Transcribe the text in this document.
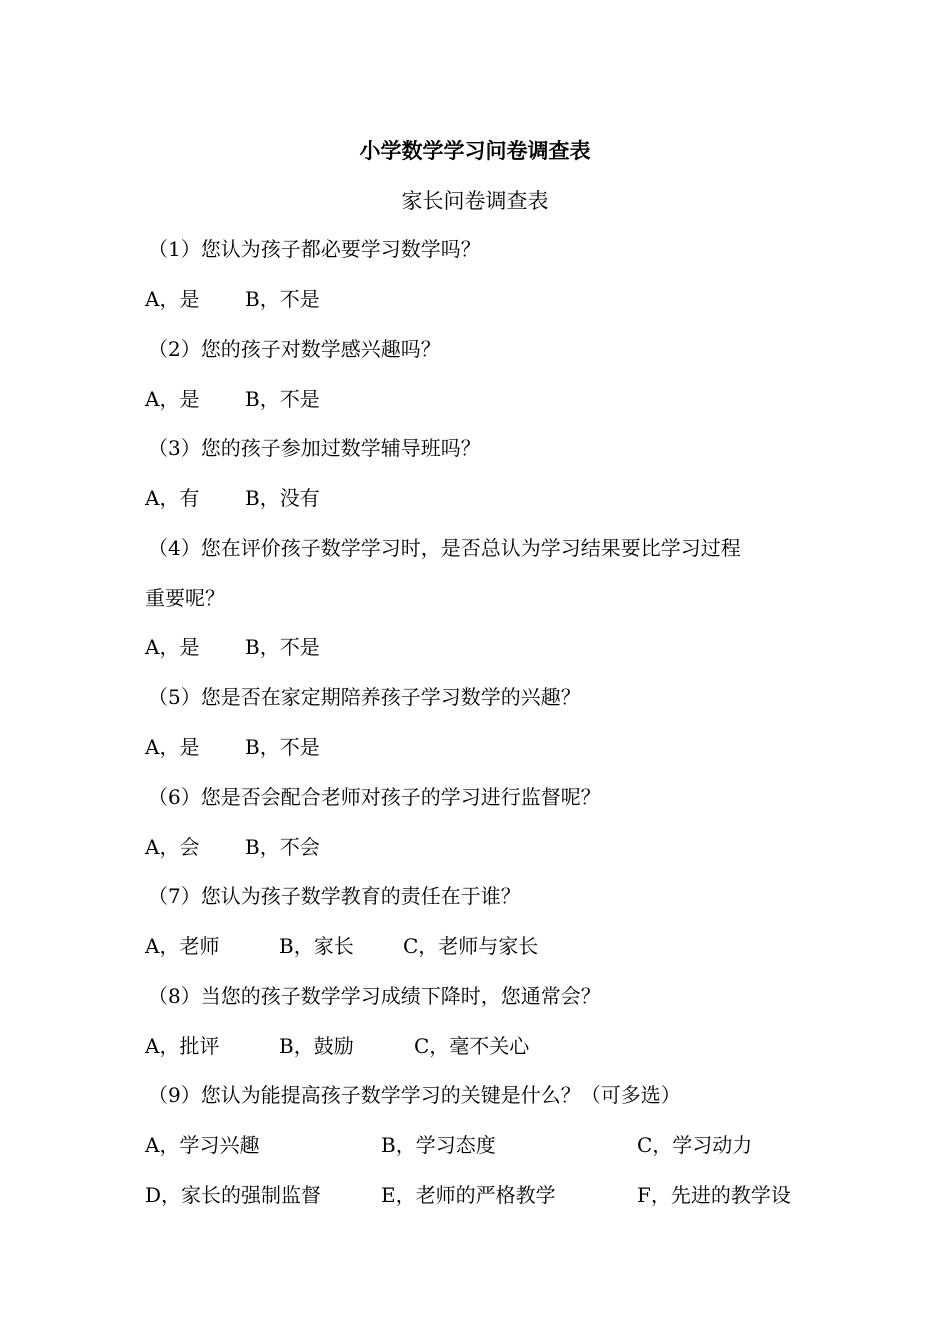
小学数学学习问卷调查表
家长问卷调查表
（1）您认为孩子都必要学习数学吗？
A，是 B，不是
（2）您的孩子对数学感兴趣吗？
A，是 B，不是
（3）您的孩子参加过数学辅导班吗？
A，有 B，没有
（4）您在评价孩子数学学习时，是否总认为学习结果要比学习过程
重要呢？
A，是 B，不是
（5）您是否在家定期陪养孩子学习数学的兴趣？
A，是 B，不是
（6）您是否会配合老师对孩子的学习进行监督呢？
A，会 B，不会
（7）您认为孩子数学教育的责任在于谁？
A，老师	B，家长 C，老师与家长
（8）当您的孩子数学学习成绩下降时，您通常会？
A，批评	B，鼓励	C，毫不关心
（9）您认为能提高孩子数学学习的关键是什么？（可多选）
A，学习兴趣	B，学习态度	C，学习动力
D，家长的强制监督	E，老师的严格教学	F，先进的教学设
